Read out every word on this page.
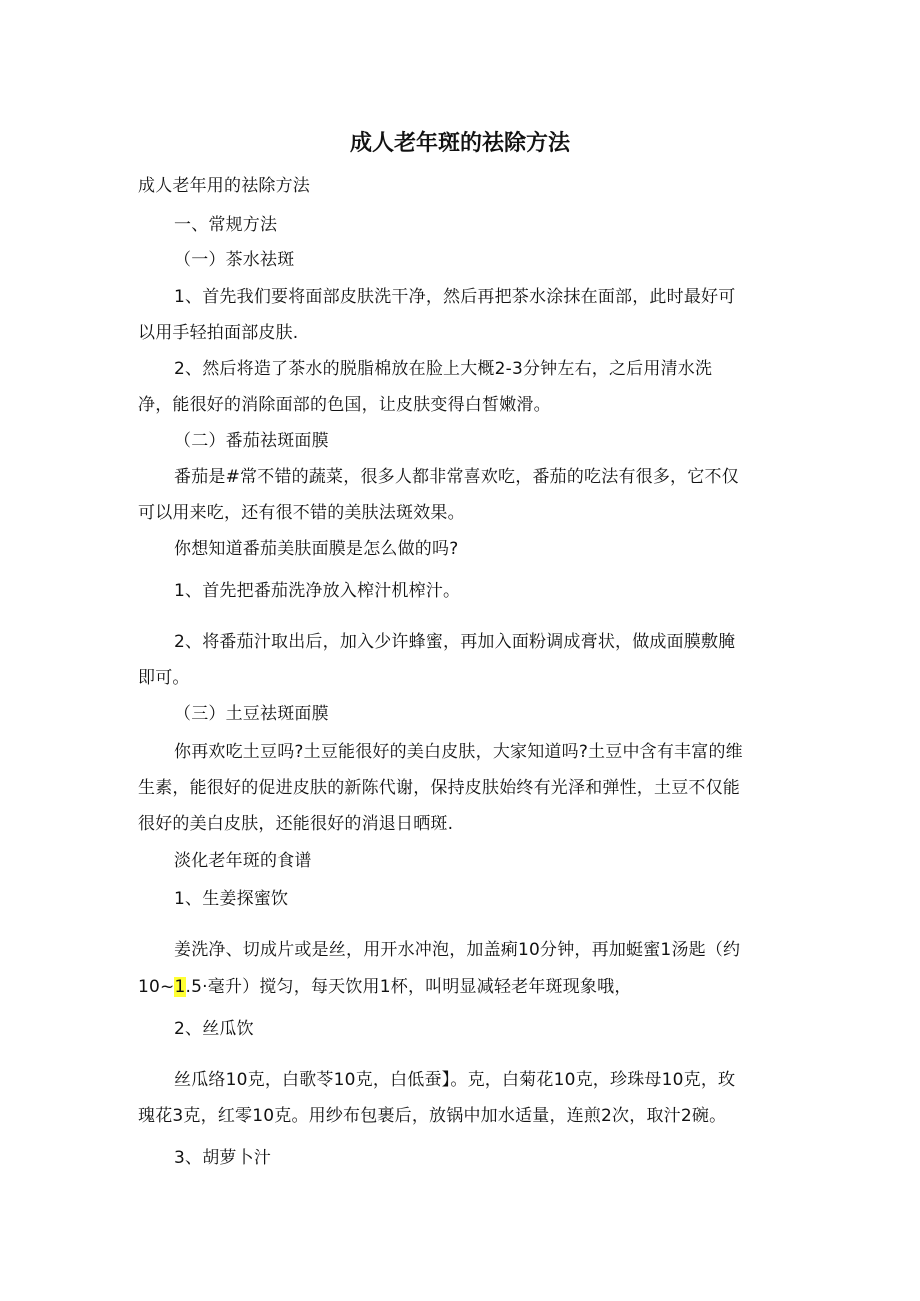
成人老年斑的祛除方法
成人老年用的祛除方法
一、常规方法
（一）茶水祛斑
1、首先我们要将面部皮肤洗干净，然后再把茶水涂抹在面部，此时最好可
以用手轻拍面部皮肤.
2、然后将造了茶水的脱脂棉放在脸上大概2-3分钟左右，之后用清水洗
净，能很好的消除面部的色国，让皮肤变得白皙嫩滑。
（二）番茄祛斑面膜
番茄是#常不错的蔬菜，很多人都非常喜欢吃，番茄的吃法有很多，它不仅
可以用来吃，还有很不错的美肤法斑效果。
你想知道番茄美肤面膜是怎么做的吗?
1、首先把番茄洗净放入榨汁机榨汁。
2、将番茄汁取出后，加入少许蜂蜜，再加入面粉调成膏状，做成面膜敷腌
即可。
（三）土豆祛斑面膜
你再欢吃土豆吗?土豆能很好的美白皮肤，大家知道吗?土豆中含有丰富的维
生素，能很好的促进皮肤的新陈代谢，保持皮肤始终有光泽和弹性，土豆不仅能
很好的美白皮肤，还能很好的消退日晒斑.
淡化老年斑的食谱
1、生姜探蜜饮
姜洗净、切成片或是丝，用开水冲泡，加盖痢10分钟，再加蜓蜜1汤匙（约
10~1.5·毫升）搅匀，每天饮用1杯，叫明显减轻老年斑现象哦，
2、丝瓜饮
丝瓜络10克，白歌苓10克，白低蚕】。克，白菊花10克，珍珠母10克，玫
瑰花3克，红零10克。用纱布包裹后，放锅中加水适量，连煎2次，取汁2碗。
3、胡萝卜汁
